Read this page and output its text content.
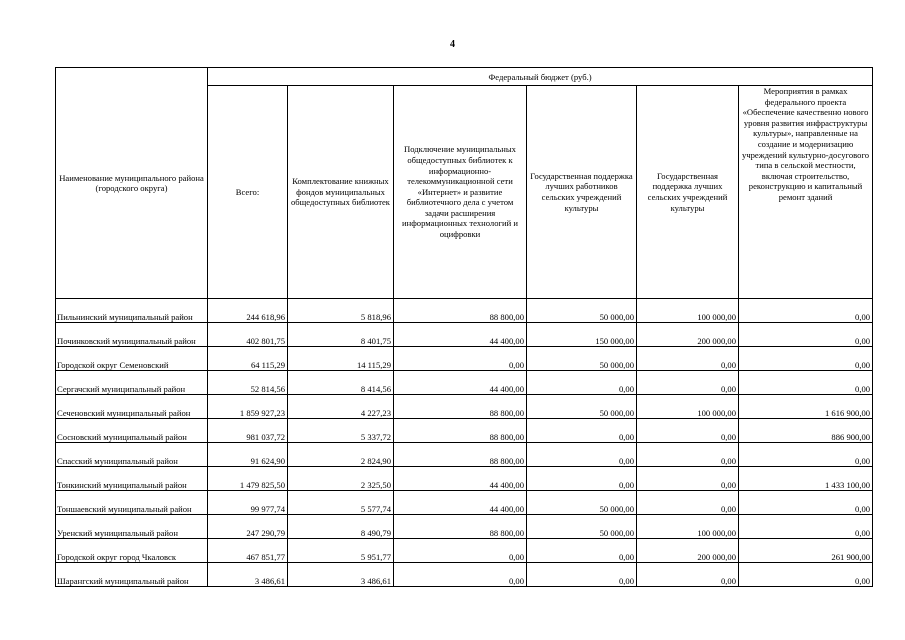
4
Наименование муниципального района (городского округа)	Федеральный бюджет (руб.)					
	Всего:	Комплектование книжных фондов муниципальных общедоступных библиотек	Подключение муниципальных общедоступных библиотек к информационно-телекоммуникационной сети «Интернет» и развитие библиотечного дела с учетом задачи расширения информационных технологий и оцифровки	Государственная поддержка лучших работников сельских учреждений культуры	Государственная поддержка лучших сельских учреждений культуры	Мероприятия в рамках федерального проекта «Обеспечение качественно нового уровня развития инфраструктуры культуры», направленные на создание и модернизацию учреждений культурно-досугового типа в сельской местности, включая строительство, реконструкцию и капитальный ремонт зданий
Пильнинский муниципальный район	244 618,96	5 818,96	88 800,00	50 000,00	100 000,00	0,00
Починковский муниципальный район	402 801,75	8 401,75	44 400,00	150 000,00	200 000,00	0,00
Городской округ Семеновский	64 115,29	14 115,29	0,00	50 000,00	0,00	0,00
Сергачский муниципальный район	52 814,56	8 414,56	44 400,00	0,00	0,00	0,00
Сеченовский муниципальный район	1 859 927,23	4 227,23	88 800,00	50 000,00	100 000,00	1 616 900,00
Сосновский муниципальный район	981 037,72	5 337,72	88 800,00	0,00	0,00	886 900,00
Спасский муниципальный район	91 624,90	2 824,90	88 800,00	0,00	0,00	0,00
Тонкинский муниципальный район	1 479 825,50	2 325,50	44 400,00	0,00	0,00	1 433 100,00
Тоншаевский муниципальный район	99 977,74	5 577,74	44 400,00	50 000,00	0,00	0,00
Уренский муниципальный район	247 290,79	8 490,79	88 800,00	50 000,00	100 000,00	0,00
Городской округ город Чкаловск	467 851,77	5 951,77	0,00	0,00	200 000,00	261 900,00
Шарангский муниципальный район	3 486,61	3 486,61	0,00	0,00	0,00	0,00
